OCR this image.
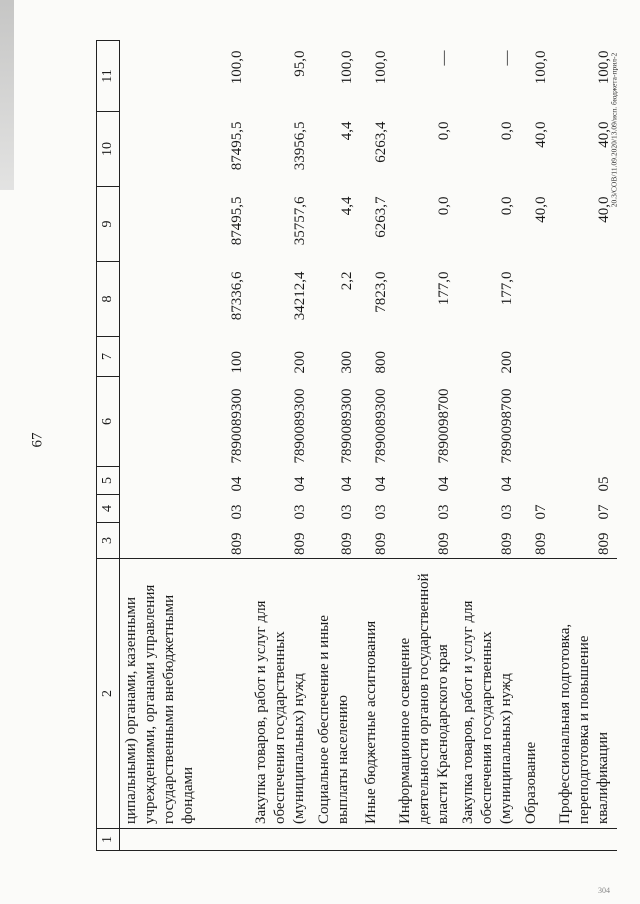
67
20.3/СОВ/11.09.2020/13.09/исп. бюджета-прил-2
304
1	2	3	4	5	6	7	8	9	10	11
	ципальными) органами, казенными учреждениями, органами управления государственными внебюджетными фондами	809	03	04	7890089300	100	87336,6	87495,5	87495,5	100,0
	Закупка товаров, работ и услуг для обеспечения государственных (муниципальных) нужд	809	03	04	7890089300	200	34212,4	35757,6	33956,5	95,0
	Социальное обеспечение и иные выплаты населению	809	03	04	7890089300	300	2,2	4,4	4,4	100,0
	Иные бюджетные ассигнования	809	03	04	7890089300	800	7823,0	6263,7	6263,4	100,0
	Информационное освещение деятельности органов государственной власти Краснодарского края	809	03	04	7890098700		177,0	0,0	0,0	—
	Закупка товаров, работ и услуг для обеспечения государственных (муниципальных) нужд	809	03	04	7890098700	200	177,0	0,0	0,0	—
	Образование	809	07					40,0	40,0	100,0
	Профессиональная подготовка, переподготовка и повышение квалификации	809	07	05				40,0	40,0	100,0
